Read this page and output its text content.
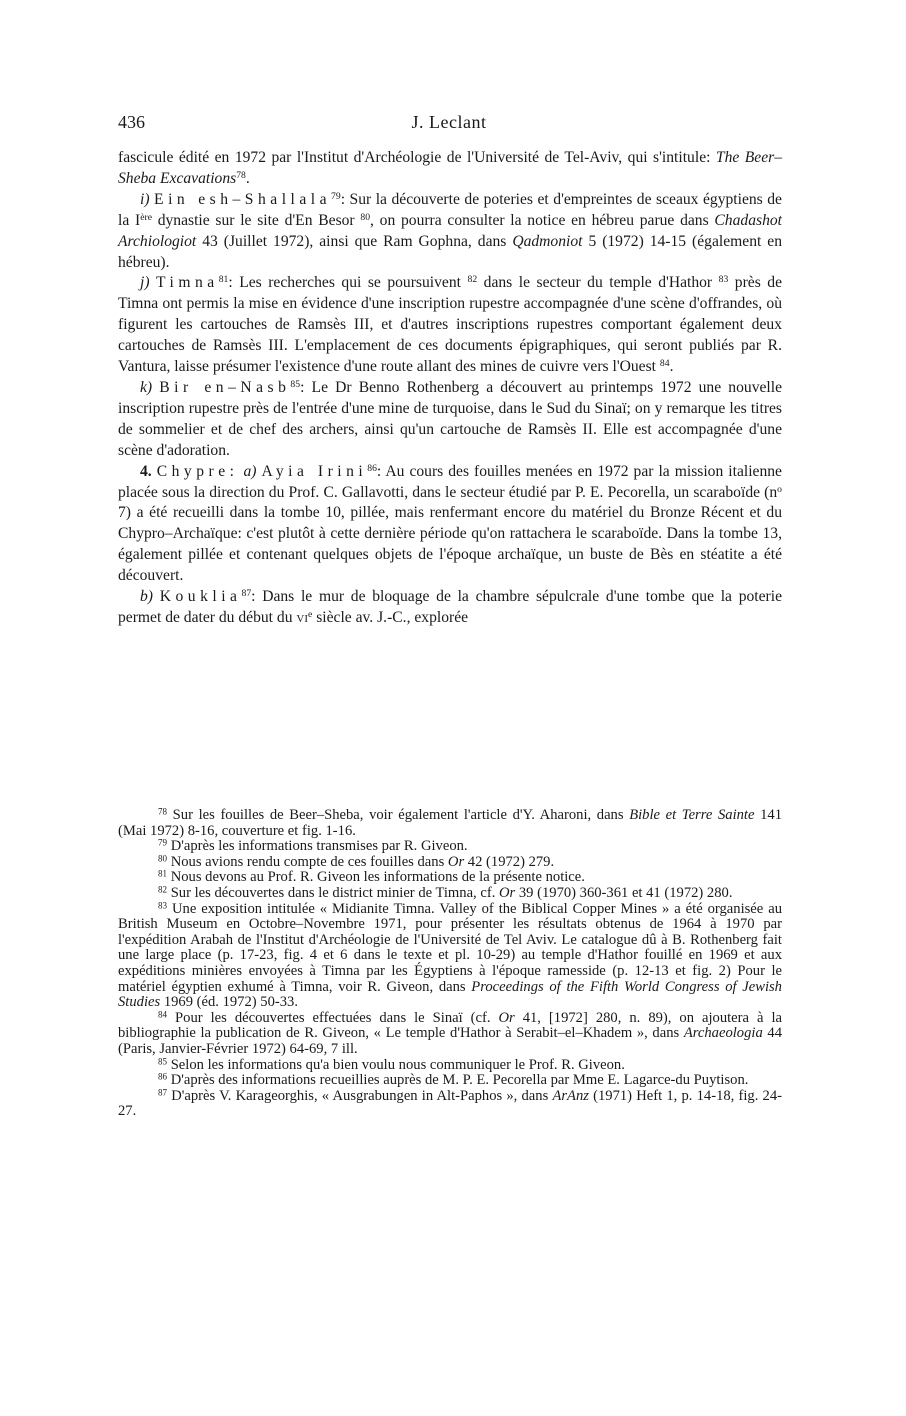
436	J. Leclant

fascicule édité en 1972 par l'Institut d'Archéologie de l'Université de Tel-Aviv, qui s'intitule: The Beer–Sheba Excavations$^{78}$.

i) Ein esh–Shallala$^{79}$: Sur la découverte de poteries et d'empreintes de sceaux égyptiens de la Ière dynastie sur le site d'En Besor $^{80}$, on pourra consulter la notice en hébreu parue dans Chadashot Archiologiot 43 (Juillet 1972), ainsi que Ram Gophna, dans Qadmoniot 5 (1972) 14-15 (également en hébreu).

j) Timna$^{81}$: Les recherches qui se poursuivent $^{82}$ dans le secteur du temple d'Hathor $^{83}$ près de Timna ont permis la mise en évidence d'une inscription rupestre accompagnée d'une scène d'offrandes, où figurent les cartouches de Ramsès III, et d'autres inscriptions rupestres comportant également deux cartouches de Ramsès III. L'emplacement de ces documents épigraphiques, qui seront publiés par R. Vantura, laisse présumer l'existence d'une route allant des mines de cuivre vers l'Ouest $^{84}$.

k) Bir en–Nasb$^{85}$: Le Dr Benno Rothenberg a découvert au printemps 1972 une nouvelle inscription rupestre près de l'entrée d'une mine de turquoise, dans le Sud du Sinaï; on y remarque les titres de sommelier et de chef des archers, ainsi qu'un cartouche de Ramsès II. Elle est accompagnée d'une scène d'adoration.

4. Chypre: a) Ayia Irini$^{86}$: Au cours des fouilles menées en 1972 par la mission italienne placée sous la direction du Prof. C. Gallavotti, dans le secteur étudié par P. E. Pecorella, un scaraboïde ($n^o$ 7) a été recueilli dans la tombe 10, pillée, mais renfermant encore du matériel du Bronze Récent et du Chypro–Archaïque: c'est plutôt à cette dernière période qu'on rattachera le scaraboïde. Dans la tombe 13, également pillée et contenant quelques objets de l'époque archaïque, un buste de Bès en stéatite a été découvert.

b) Kouklia$^{87}$: Dans le mur de bloquage de la chambre sépulcrale d'une tombe que la poterie permet de dater du début du $vi^e$ siècle av. J.-C., explorée

$^{78}$ Sur les fouilles de Beer–Sheba, voir également l'article d'Y. Aharoni, dans Bible et Terre Sainte 141 (Mai 1972) 8-16, couverture et fig. 1-16.

$^{79}$ D'après les informations transmises par R. Giveon.

$^{80}$ Nous avions rendu compte de ces fouilles dans Or 42 (1972) 279.

$^{81}$ Nous devons au Prof. R. Giveon les informations de la présente notice.

$^{82}$ Sur les découvertes dans le district minier de Timna, cf. Or 39 (1970) 360-361 et 41 (1972) 280.

$^{83}$ Une exposition intitulée « Midianite Timna. Valley of the Biblical Copper Mines » a été organisée au British Museum en Octobre–Novembre 1971, pour présenter les résultats obtenus de 1964 à 1970 par l'expédition Arabah de l'Institut d'Archéologie de l'Université de Tel Aviv. Le catalogue dû à B. Rothenberg fait une large place (p. 17-23, fig. 4 et 6 dans le texte et pl. 10-29) au temple d'Hathor fouillé en 1969 et aux expéditions minières envoyées à Timna par les Égyptiens à l'époque ramesside (p. 12-13 et fig. 2) Pour le matériel égyptien exhumé à Timna, voir R. Giveon, dans Proceedings of the Fifth World Congress of Jewish Studies 1969 (éd. 1972) 50-33.

$^{84}$ Pour les découvertes effectuées dans le Sinaï (cf. Or 41, [1972] 280, n. 89), on ajoutera à la bibliographie la publication de R. Giveon, « Le temple d'Hathor à Serabit–el–Khadem », dans Archaeologia 44 (Paris, Janvier-Février 1972) 64-69, 7 ill.

$^{85}$ Selon les informations qu'a bien voulu nous communiquer le Prof. R. Giveon.

$^{86}$ D'après des informations recueillies auprès de M. P. E. Pecorella par Mme E. Lagarce-du Puytison.

$^{87}$ D'après V. Karageorghis, « Ausgrabungen in Alt-Paphos », dans ArAnz (1971) Heft 1, p. 14-18, fig. 24-27.
